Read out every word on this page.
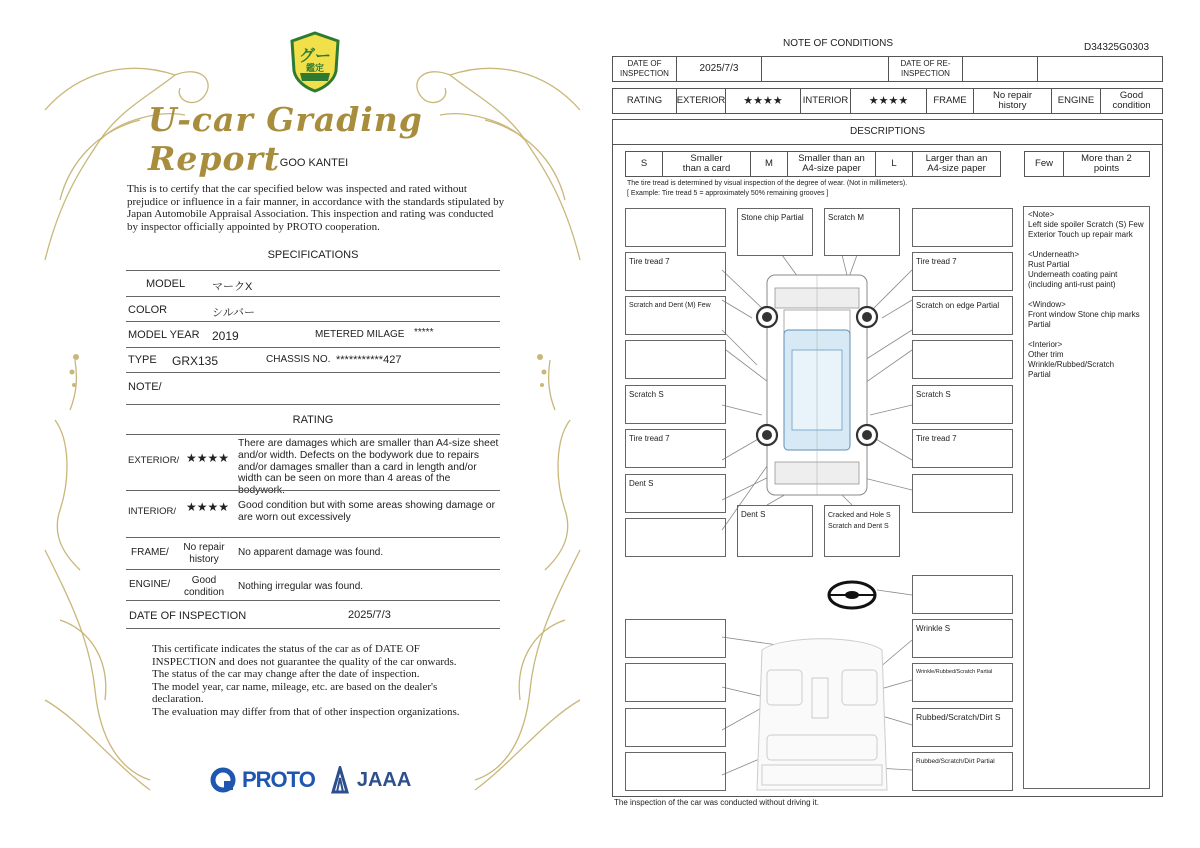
グー
鑑定
U-car Grading Report GOO KANTEI
This is to certify that the car specified below was inspected and rated without prejudice or influence in a fair manner, in accordance with the standards stipulated by Japan Automobile Appraisal Association. This inspection and rating was conducted by inspector officially appointed by PROTO cooperation.
SPECIFICATIONS
MODEL マークX
COLOR	シルバー
MODEL YEAR 2019	METERED MILAGE *****
TYPE GRX135	CHASSIS NO. ***********427
NOTE/
RATING
EXTERIOR/ ★★★★
There are damages which are smaller than A4-size sheet and/or width. Defects on the bodywork due to repairs and/or damages smaller than a card in length and/or width can be seen on more than 4 areas of the bodywork.
INTERIOR/ ★★★★ Good condition but with some areas showing damage or are worn out excessively
FRAME/	No repair history
No apparent damage was found.
ENGINE/	Good condition	Nothing irregular was found.
DATE OF INSPECTION	2025/7/3
This certificate indicates the status of the car as of DATE OF
INSPECTION and does not guarantee the quality of the car onwards.
The status of the car may change after the date of inspection.
The model year, car name, mileage, etc. are based on the dealer's
declaration.
The evaluation may differ from that of other inspection organizations.
PROTO JAAA
NOTE OF CONDITIONS	D34325G0303
DATE OF INSPECTION	2025/7/3	DATE OF RE-INSPECTION
RATING	EXTERIOR	★★★★	INTERIOR	★★★★	FRAME	No repair history	ENGINE	Good condition
DESCRIPTIONS
S	Smaller than a card	M	Smaller than an A4-size paper	L	Larger than an A4-size paper	Few	More than 2 points
The tire tread is determined by visual inspection of the degree of wear. (Not in millimeters).
[ Example: Tire tread 5 = approximately 50% remaining grooves ]
<Note>
Left side spoiler Scratch (S) Few
Exterior Touch up repair mark

<Underneath>
Rust Partial
Underneath coating paint
(including anti-rust paint)

<Window>
Front window Stone chip marks
Partial

<Interior>
Other trim
Wrinkle/Rubbed/Scratch
Partial
Tire tread 7
Scratch and Dent (M) Few
Scratch S
Tire tread 7
Dent S
Stone chip Partial	Scratch M
Tire tread 7
Scratch on edge Partial
Scratch S
Tire tread 7
Dent S	Cracked and Hole S
Scratch and Dent S
Wrinkle S
Wrinkle/Rubbed/Scratch Partial
Rubbed/Scratch/Dirt S
Rubbed/Scratch/Dirt Partial
The inspection of the car was conducted without driving it.
